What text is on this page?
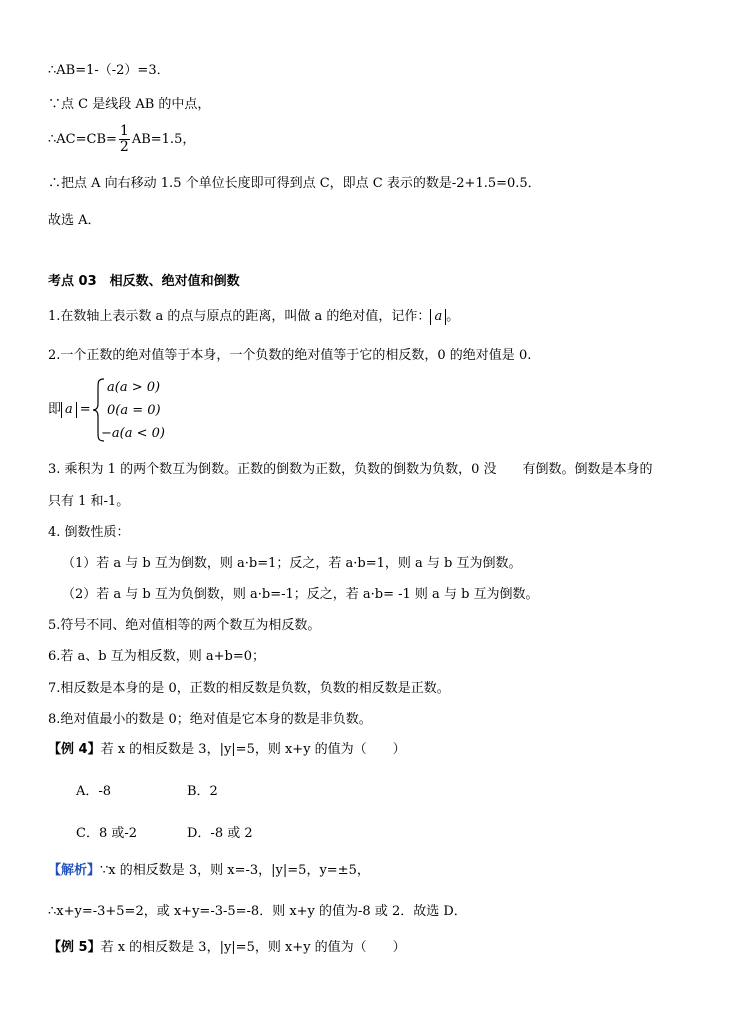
∴AB=1-（-2）=3．
∵点 C 是线段 AB 的中点，
∴AC=CB= $\frac{1}{2} AB=1.5$，
∴把点 A 向右移动 1.5 个单位长度即可得到点 C，即点 C 表示的数是-2+1.5=0.5．
故选 A．
考点 03　相反数、绝对值和倒数
1.在数轴上表示数 a 的点与原点的距离，叫做 a 的绝对值，记作： a 。
2.一个正数的绝对值等于本身，一个负数的绝对值等于它的相反数，0 的绝对值是 0.
即 a =
a(a > 0)
0(a = 0)
−a(a < 0)
3. 乘积为 1 的两个数互为倒数。正数的倒数为正数，负数的倒数为负数，0 没　　有倒数。倒数是本身的
只有 1 和-1。
4. 倒数性质：
（1）若 a 与 b 互为倒数，则 a·b=1；反之，若 a·b=1，则 a 与 b 互为倒数。
（2）若 a 与 b 互为负倒数，则 a·b=-1；反之，若 a·b= -1 则 a 与 b 互为倒数。
5.符号不同、绝对值相等的两个数互为相反数。
6.若 a、b 互为相反数，则 a+b=0；
7.相反数是本身的是 0，正数的相反数是负数，负数的相反数是正数。
8.绝对值最小的数是 0；绝对值是它本身的数是非负数。
【例 4】若 x 的相反数是 3，|y|=5，则 x+y 的值为（　　）
A．-8	B．2
C．8 或-2	D．-8 或 2
【解析】∵x 的相反数是 3，则 x=-3，|y|=5，y=±5，
∴x+y=-3+5=2，或 x+y=-3-5=-8．则 x+y 的值为-8 或 2．故选 D．
【例 5】若 x 的相反数是 3，|y|=5，则 x+y 的值为（　　）
